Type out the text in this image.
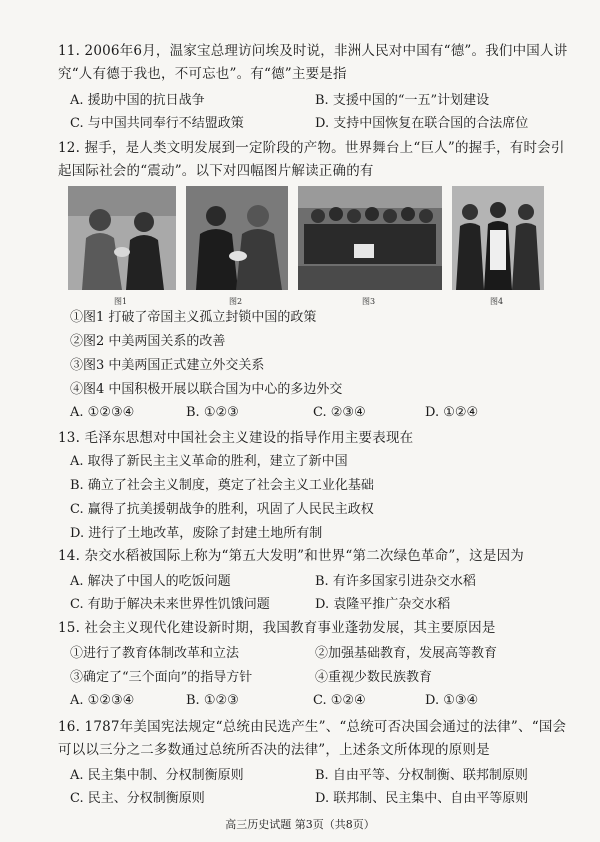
11. 2006年6月，温家宝总理访问埃及时说，非洲人民对中国有“德”。我们中国人讲究“人有德于我也，不可忘也”。有“德”主要是指
A. 援助中国的抗日战争	B. 支援中国的“一五”计划建设
C. 与中国共同奉行不结盟政策	D. 支持中国恢复在联合国的合法席位
12. 握手，是人类文明发展到一定阶段的产物。世界舞台上“巨人”的握手，有时会引起国际社会的“震动”。以下对四幅图片解读正确的有
图1	图2	图3	图4
①图1 打破了帝国主义孤立封锁中国的政策
②图2 中美两国关系的改善
③图3 中美两国正式建立外交关系
④图4 中国积极开展以联合国为中心的多边外交
A. ①②③④	B. ①②③	C. ②③④	D. ①②④
13. 毛泽东思想对中国社会主义建设的指导作用主要表现在
A. 取得了新民主主义革命的胜利，建立了新中国
B. 确立了社会主义制度，奠定了社会主义工业化基础
C. 赢得了抗美援朝战争的胜利，巩固了人民民主政权
D. 进行了土地改革，废除了封建土地所有制
14. 杂交水稻被国际上称为“第五大发明”和世界“第二次绿色革命”，这是因为
A. 解决了中国人的吃饭问题	B. 有许多国家引进杂交水稻
C. 有助于解决未来世界性饥饿问题	D. 袁隆平推广杂交水稻
15. 社会主义现代化建设新时期，我国教育事业蓬勃发展，其主要原因是
①进行了教育体制改革和立法	②加强基础教育，发展高等教育
③确定了“三个面向”的指导方针	④重视少数民族教育
A. ①②③④	B. ①②③	C. ①②④	D. ①③④
16. 1787年美国宪法规定“总统由民选产生”、“总统可否决国会通过的法律”、“国会可以以三分之二多数通过总统所否决的法律”，上述条文所体现的原则是
A. 民主集中制、分权制衡原则	B. 自由平等、分权制衡、联邦制原则
C. 民主、分权制衡原则	D. 联邦制、民主集中、自由平等原则
高三历史试题 第3页（共8页）
